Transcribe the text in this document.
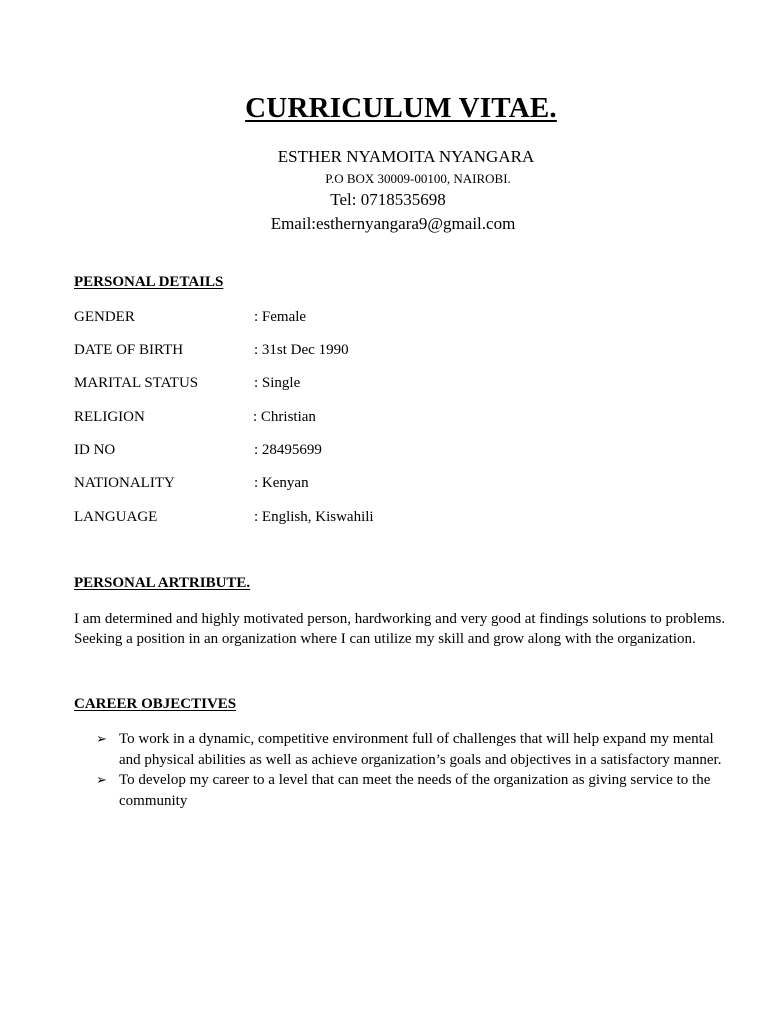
CURRICULUM VITAE.

ESTHER NYAMOITA NYANGARA

P.O BOX 30009-00100, NAIROBI.

Tel: 0718535698

Email:esthernyangara9@gmail.com

PERSONAL DETAILS
GENDER	: Female
DATE OF BIRTH	: 31st Dec 1990
MARITAL STATUS	: Single
RELIGION	: Christian
ID NO	: 28495699
NATIONALITY	: Kenyan
LANGUAGE	: English, Kiswahili
PERSONAL ARTRIBUTE.

I am determined and highly motivated person, hardworking and very good at findings solutions to problems. Seeking a position in an organization where I can utilize my skill and grow along with the organization.

CAREER OBJECTIVES
➢ To work in a dynamic, competitive environment full of challenges that will help expand my mental and physical abilities as well as achieve organization’s goals and objectives in a satisfactory manner.
➢ To develop my career to a level that can meet the needs of the organization as giving service to the community
